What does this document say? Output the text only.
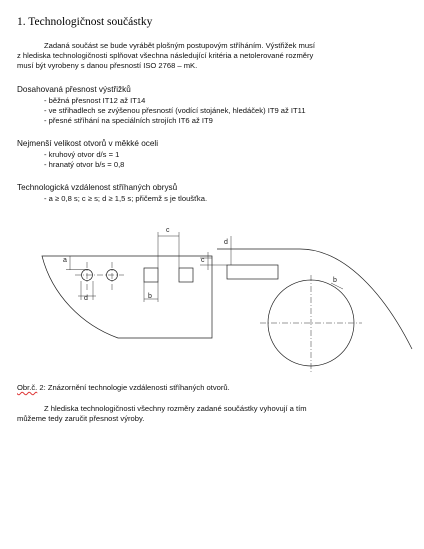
1. Technologičnost součástky
Zadaná součást se bude vyrábět plošným postupovým stříháním. Výstřižek musí
z hlediska technologičnosti splňovat všechna následující kritéria a netolerované rozměry
musí být vyrobeny s danou přesností ISO 2768 – mK.
Dosahovaná přesnost výstřižků
- běžná přesnost IT12 až IT14
- ve střihadlech se zvýšenou přesností (vodící stojánek, hledáček) IT9 až IT11
- přesné stříhání na speciálních strojích IT6 až IT9
Nejmenší velikost otvorů v měkké oceli
- kruhový otvor d/s = 1
- hranatý otvor b/s = 0,8
Technologická vzdálenost stříhaných obrysů
- a ≥ 0,8 s; c ≥ s; d ≥ 1,5 s; přičemž s je tloušťka.
a
d
c
b
c
d
b
Obr.č. 2: Znázornění technologie vzdálenosti stříhaných otvorů.
Z hlediska technologičnosti všechny rozměry zadané součástky vyhovují a tím
můžeme tedy zaručit přesnost výroby.
